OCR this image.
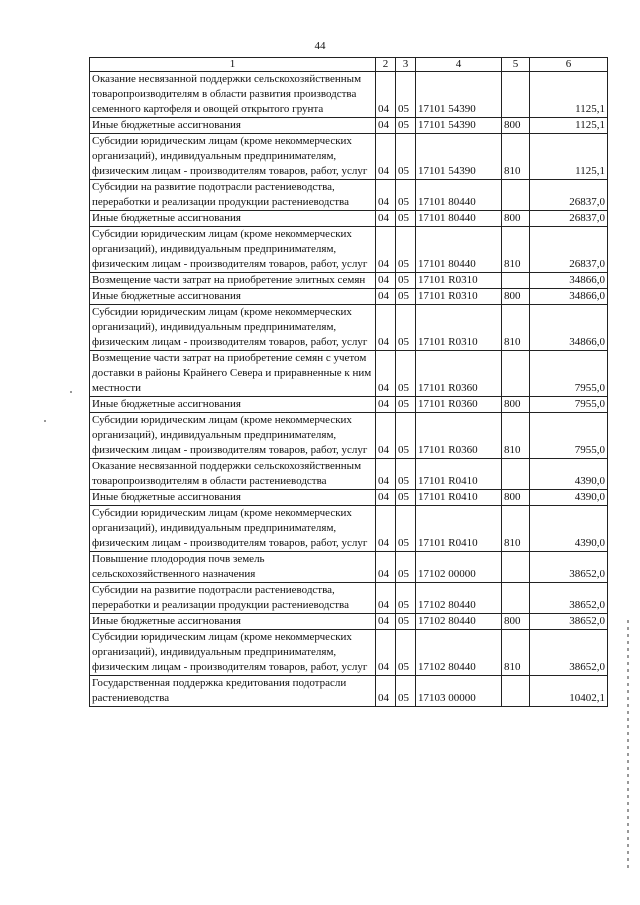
44
1	2	3	4	5	6
Оказание несвязанной поддержки сельскохозяйственным товаропроизводителям в области развития производства семенного картофеля и овощей открытого грунта	04	05	17101 54390		1125,1
Иные бюджетные ассигнования	04	05	17101 54390	800	1125,1
Субсидии юридическим лицам (кроме некоммерческих организаций), индивидуальным предпринимателям, физическим лицам - производителям товаров, работ, услуг	04	05	17101 54390	810	1125,1
Субсидии на развитие подотрасли растениеводства, переработки и реализации продукции растениеводства	04	05	17101 80440		26837,0
Иные бюджетные ассигнования	04	05	17101 80440	800	26837,0
Субсидии юридическим лицам (кроме некоммерческих организаций), индивидуальным предпринимателям, физическим лицам - производителям товаров, работ, услуг	04	05	17101 80440	810	26837,0
Возмещение части затрат на приобретение элитных семян	04	05	17101 R0310		34866,0
Иные бюджетные ассигнования	04	05	17101 R0310	800	34866,0
Субсидии юридическим лицам (кроме некоммерческих организаций), индивидуальным предпринимателям, физическим лицам - производителям товаров, работ, услуг	04	05	17101 R0310	810	34866,0
Возмещение части затрат на приобретение семян с учетом доставки в районы Крайнего Севера и приравненные к ним местности	04	05	17101 R0360		7955,0
Иные бюджетные ассигнования	04	05	17101 R0360	800	7955,0
Субсидии юридическим лицам (кроме некоммерческих организаций), индивидуальным предпринимателям, физическим лицам - производителям товаров, работ, услуг	04	05	17101 R0360	810	7955,0
Оказание несвязанной поддержки сельскохозяйственным товаропроизводителям в области растениеводства	04	05	17101 R0410		4390,0
Иные бюджетные ассигнования	04	05	17101 R0410	800	4390,0
Субсидии юридическим лицам (кроме некоммерческих организаций), индивидуальным предпринимателям, физическим лицам - производителям товаров, работ, услуг	04	05	17101 R0410	810	4390,0
Повышение плодородия почв земель сельскохозяйственного назначения	04	05	17102 00000		38652,0
Субсидии на развитие подотрасли растениеводства, переработки и реализации продукции растениеводства	04	05	17102 80440		38652,0
Иные бюджетные ассигнования	04	05	17102 80440	800	38652,0
Субсидии юридическим лицам (кроме некоммерческих организаций), индивидуальным предпринимателям, физическим лицам - производителям товаров, работ, услуг	04	05	17102 80440	810	38652,0
Государственная поддержка кредитования подотрасли растениеводства	04	05	17103 00000		10402,1
